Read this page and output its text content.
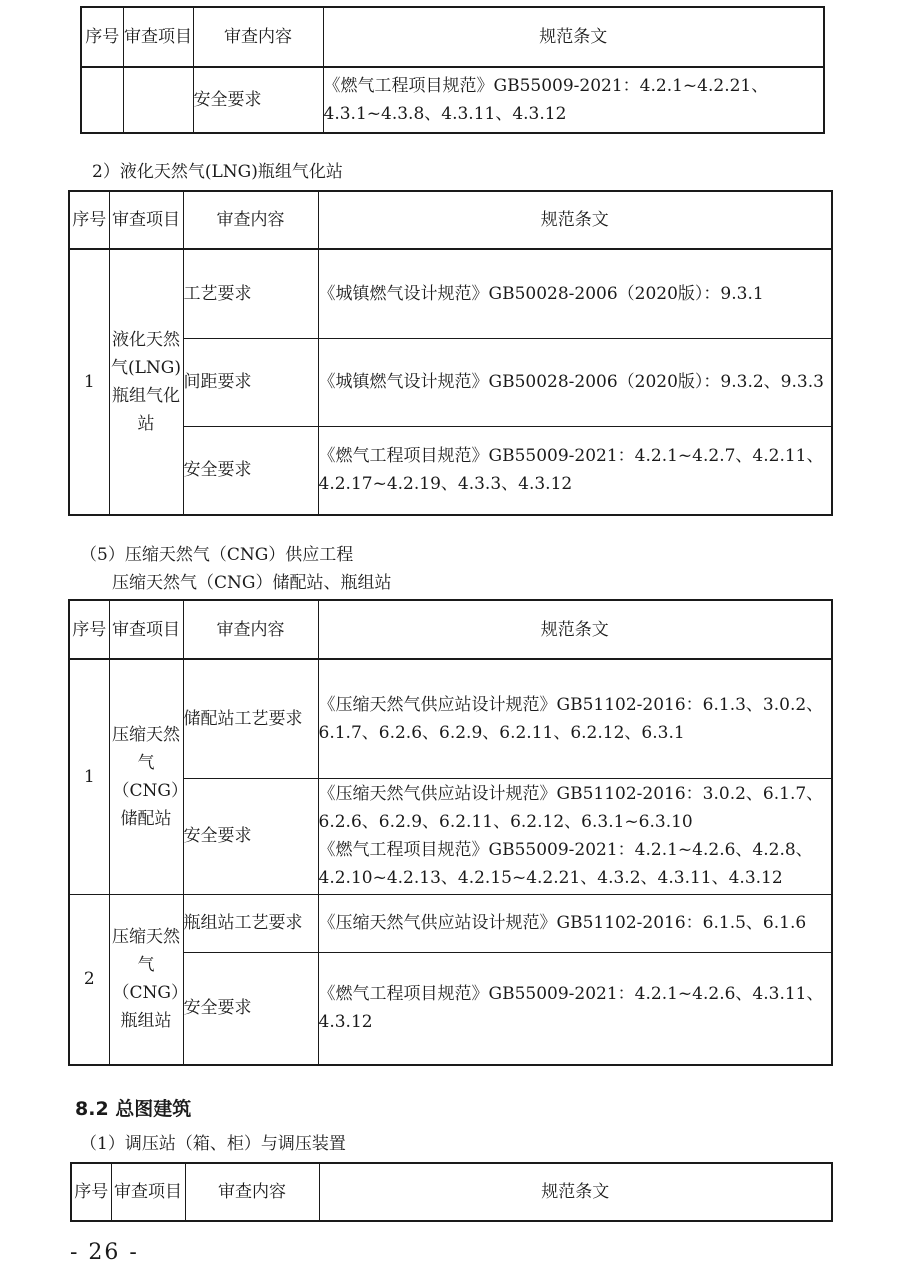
序号	审查项目	审查内容	规范条文
		安全要求	《燃气工程项目规范》GB55009-2021：4.2.1~4.2.21、4.3.1~4.3.8、4.3.11、4.3.12
2）液化天然气(LNG)瓶组气化站
序号	审查项目	审查内容	规范条文
1	液化天然气(LNG)瓶组气化站	工艺要求	《城镇燃气设计规范》GB50028-2006（2020版）：9.3.1
		间距要求	《城镇燃气设计规范》GB50028-2006（2020版）：9.3.2、9.3.3
		安全要求	《燃气工程项目规范》GB55009-2021：4.2.1~4.2.7、4.2.11、4.2.17~4.2.19、4.3.3、4.3.12
（5）压缩天然气（CNG）供应工程
压缩天然气（CNG）储配站、瓶组站
序号	审查项目	审查内容	规范条文
1	压缩天然气（CNG）储配站	储配站工艺要求	《压缩天然气供应站设计规范》GB51102-2016：6.1.3、3.0.2、6.1.7、6.2.6、6.2.9、6.2.11、6.2.12、6.3.1
		安全要求	《压缩天然气供应站设计规范》GB51102-2016：3.0.2、6.1.7、6.2.6、6.2.9、6.2.11、6.2.12、6.3.1~6.3.10
《燃气工程项目规范》GB55009-2021：4.2.1~4.2.6、4.2.8、4.2.10~4.2.13、4.2.15~4.2.21、4.3.2、4.3.11、4.3.12

2	压缩天然气（CNG）瓶组站	瓶组站工艺要求	《压缩天然气供应站设计规范》GB51102-2016：6.1.5、6.1.6
		安全要求	《燃气工程项目规范》GB55009-2021：4.2.1~4.2.6、4.3.11、4.3.12
8.2 总图建筑
（1）调压站（箱、柜）与调压装置
序号	审查项目	审查内容	规范条文
- 26 -
